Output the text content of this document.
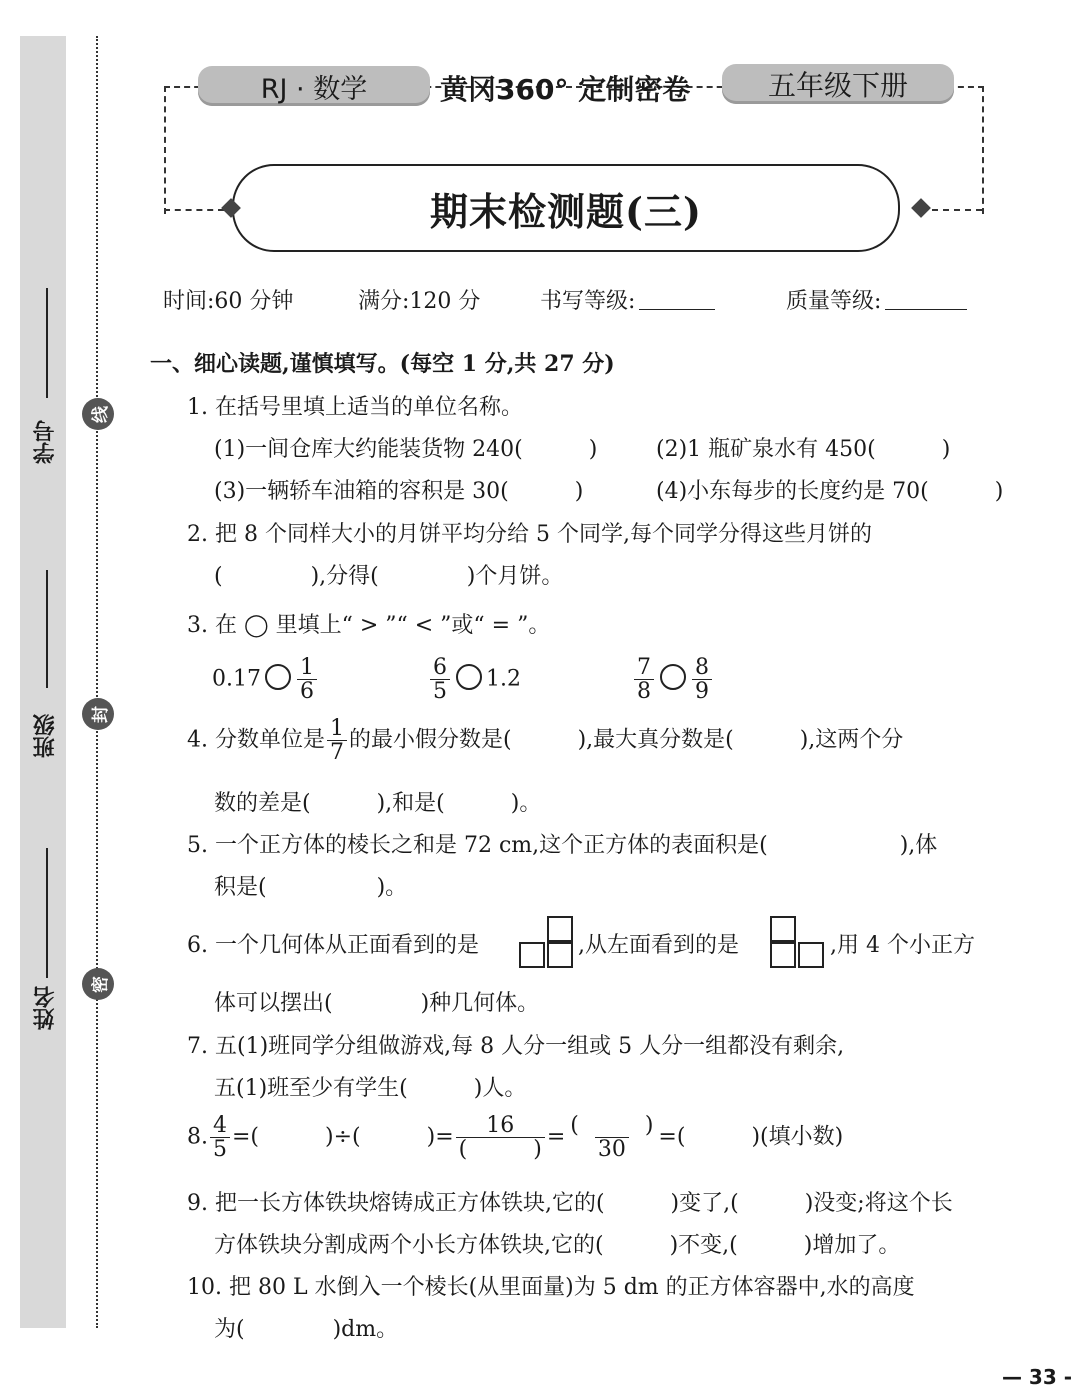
学号
班级
姓名
线
封
密
RJ · 数学	黄冈360° 定制密卷	五年级下册
期末检测题(三)
时间:60 分钟	满分:120 分	书写等级:	质量等级:
一、细心读题,谨慎填写。(每空 1 分,共 27 分)
1. 在括号里填上适当的单位名称。
(1)一间仓库大约能装货物 240(　　　)	(2)1 瓶矿泉水有 450(　　　)
(3)一辆轿车油箱的容积是 30(　　　)	(4)小东每步的长度约是 70(　　　)
2. 把 8 个同样大小的月饼平均分给 5 个同学,每个同学分得这些月饼的
(　　　　),分得(　　　　)个月饼。
3. 在 ◯ 里填上“ > ”“ < ”或“ = ”。
$0.17 \frac{1}{6}$	$\frac{6}{5} 1.2$	$\frac{7}{8} \frac{8}{9}$
4. 分数单位是 $\frac{1}{7}$ 的最小假分数是(　　　),最大真分数是(　　　),这两个分
数的差是(　　　),和是(　　　)。
5. 一个正方体的棱长之和是 72 cm,这个正方体的表面积是(　　　　　　),体
积是(　　　　　)。
6. 一个几何体从正面看到的是	,从左面看到的是	,用 4 个小正方
体可以摆出(　　　　)种几何体。
7. 五(1)班同学分组做游戏,每 8 人分一组或 5 人分一组都没有剩余,
五(1)班至少有学生(　　　)人。
8. $\frac{4}{5}$ =(　　　)÷(　　　)= $\frac{16}{( )} = \frac{( )}{30}$ =(　　　)(填小数)
9. 把一长方体铁块熔铸成正方体铁块,它的(　　　)变了,(　　　)没变;将这个长
方体铁块分割成两个小长方体铁块,它的(　　　)不变,(　　　)增加了。
10. 把 80 L 水倒入一个棱长(从里面量)为 5 dm 的正方体容器中,水的高度
为(　　　　)dm。
— 33 -
